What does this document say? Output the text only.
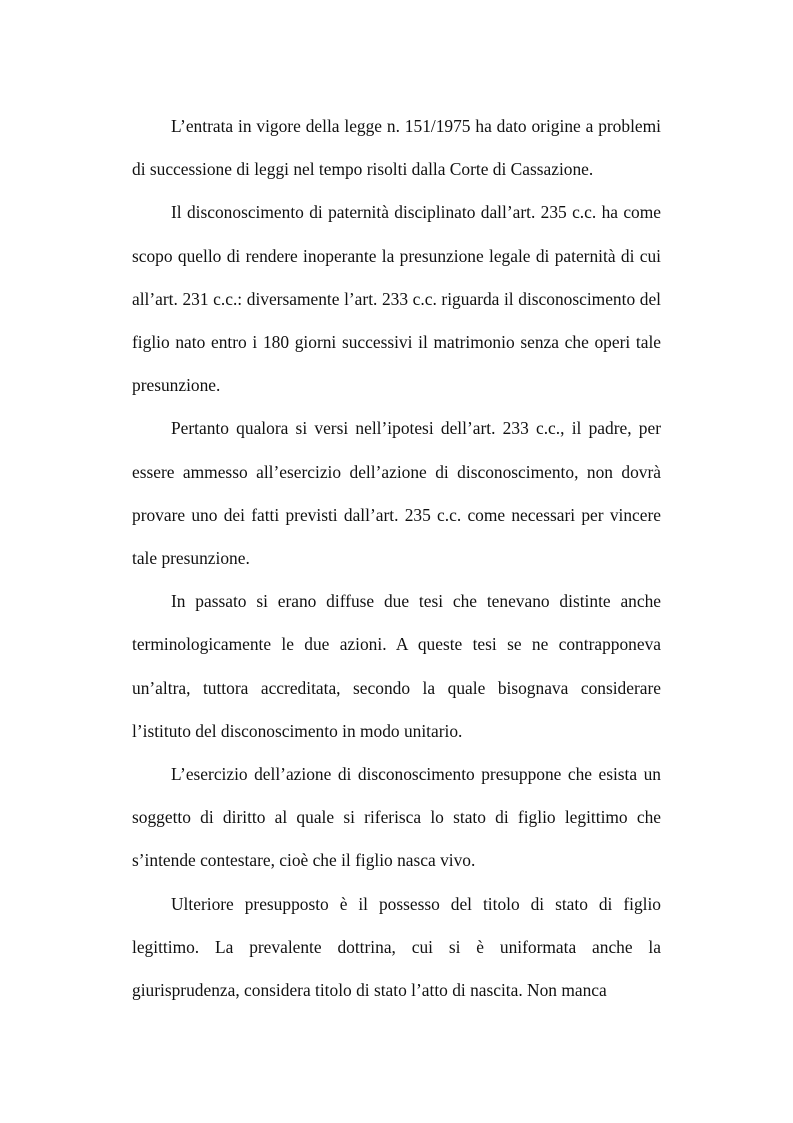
L’entrata in vigore della legge n. 151/1975 ha dato origine a problemi di successione di leggi nel tempo risolti dalla Corte di Cassazione.

Il disconoscimento di paternità disciplinato dall’art. 235 c.c. ha come scopo quello di rendere inoperante la presunzione legale di paternità di cui all’art. 231 c.c.: diversamente l’art. 233 c.c. riguarda il disconoscimento del figlio nato entro i 180 giorni successivi il matrimonio senza che operi tale presunzione.

Pertanto qualora si versi nell’ipotesi dell’art. 233 c.c., il padre, per essere ammesso all’esercizio dell’azione di disconoscimento, non dovrà provare uno dei fatti previsti dall’art. 235 c.c. come necessari per vincere tale presunzione.

In passato si erano diffuse due tesi che tenevano distinte anche terminologicamente le due azioni. A queste tesi se ne contrapponeva un’altra, tuttora accreditata, secondo la quale bisognava considerare l’istituto del disconoscimento in modo unitario.

L’esercizio dell’azione di disconoscimento presuppone che esista un soggetto di diritto al quale si riferisca lo stato di figlio legittimo che s’intende contestare, cioè che il figlio nasca vivo.

Ulteriore presupposto è il possesso del titolo di stato di figlio legittimo. La prevalente dottrina, cui si è uniformata anche la giurisprudenza, considera titolo di stato l’atto di nascita. Non manca
